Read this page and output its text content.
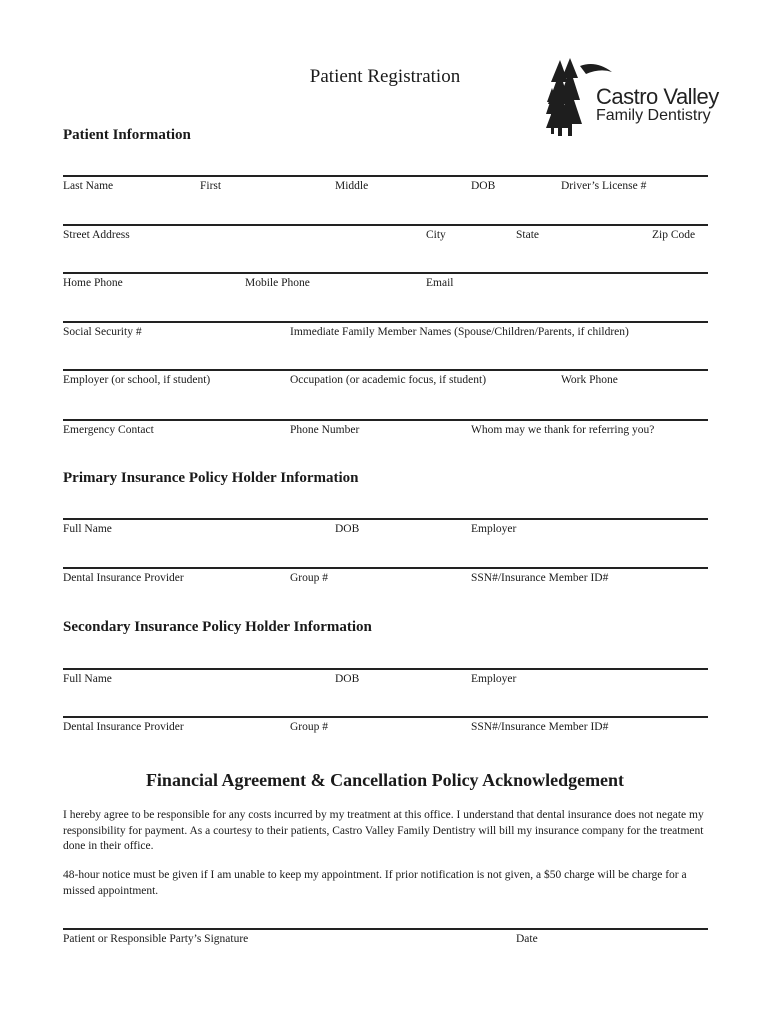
Patient Registration
Castro Valley
Family Dentistry
Patient Information
Last Name	First	Middle	DOB	Driver’s License #
Street Address	City	State	Zip Code
Home Phone	Mobile Phone	Email
Social Security #	Immediate Family Member Names (Spouse/Children/Parents, if children)
Employer (or school, if student)	Occupation (or academic focus, if student)	Work Phone
Emergency Contact	Phone Number	Whom may we thank for referring you?
Primary Insurance Policy Holder Information
Full Name	DOB	Employer
Dental Insurance Provider	Group #	SSN#/Insurance Member ID#
Secondary Insurance Policy Holder Information
Full Name	DOB	Employer
Dental Insurance Provider	Group #	SSN#/Insurance Member ID#
Financial Agreement & Cancellation Policy Acknowledgement
I hereby agree to be responsible for any costs incurred by my treatment at this office. I understand that dental insurance does not negate my responsibility for payment. As a courtesy to their patients, Castro Valley Family Dentistry will bill my insurance company for the treatment done in their office.
48-hour notice must be given if I am unable to keep my appointment. If prior notification is not given, a $50 charge will be charge for a missed appointment.
Patient or Responsible Party’s Signature	Date
